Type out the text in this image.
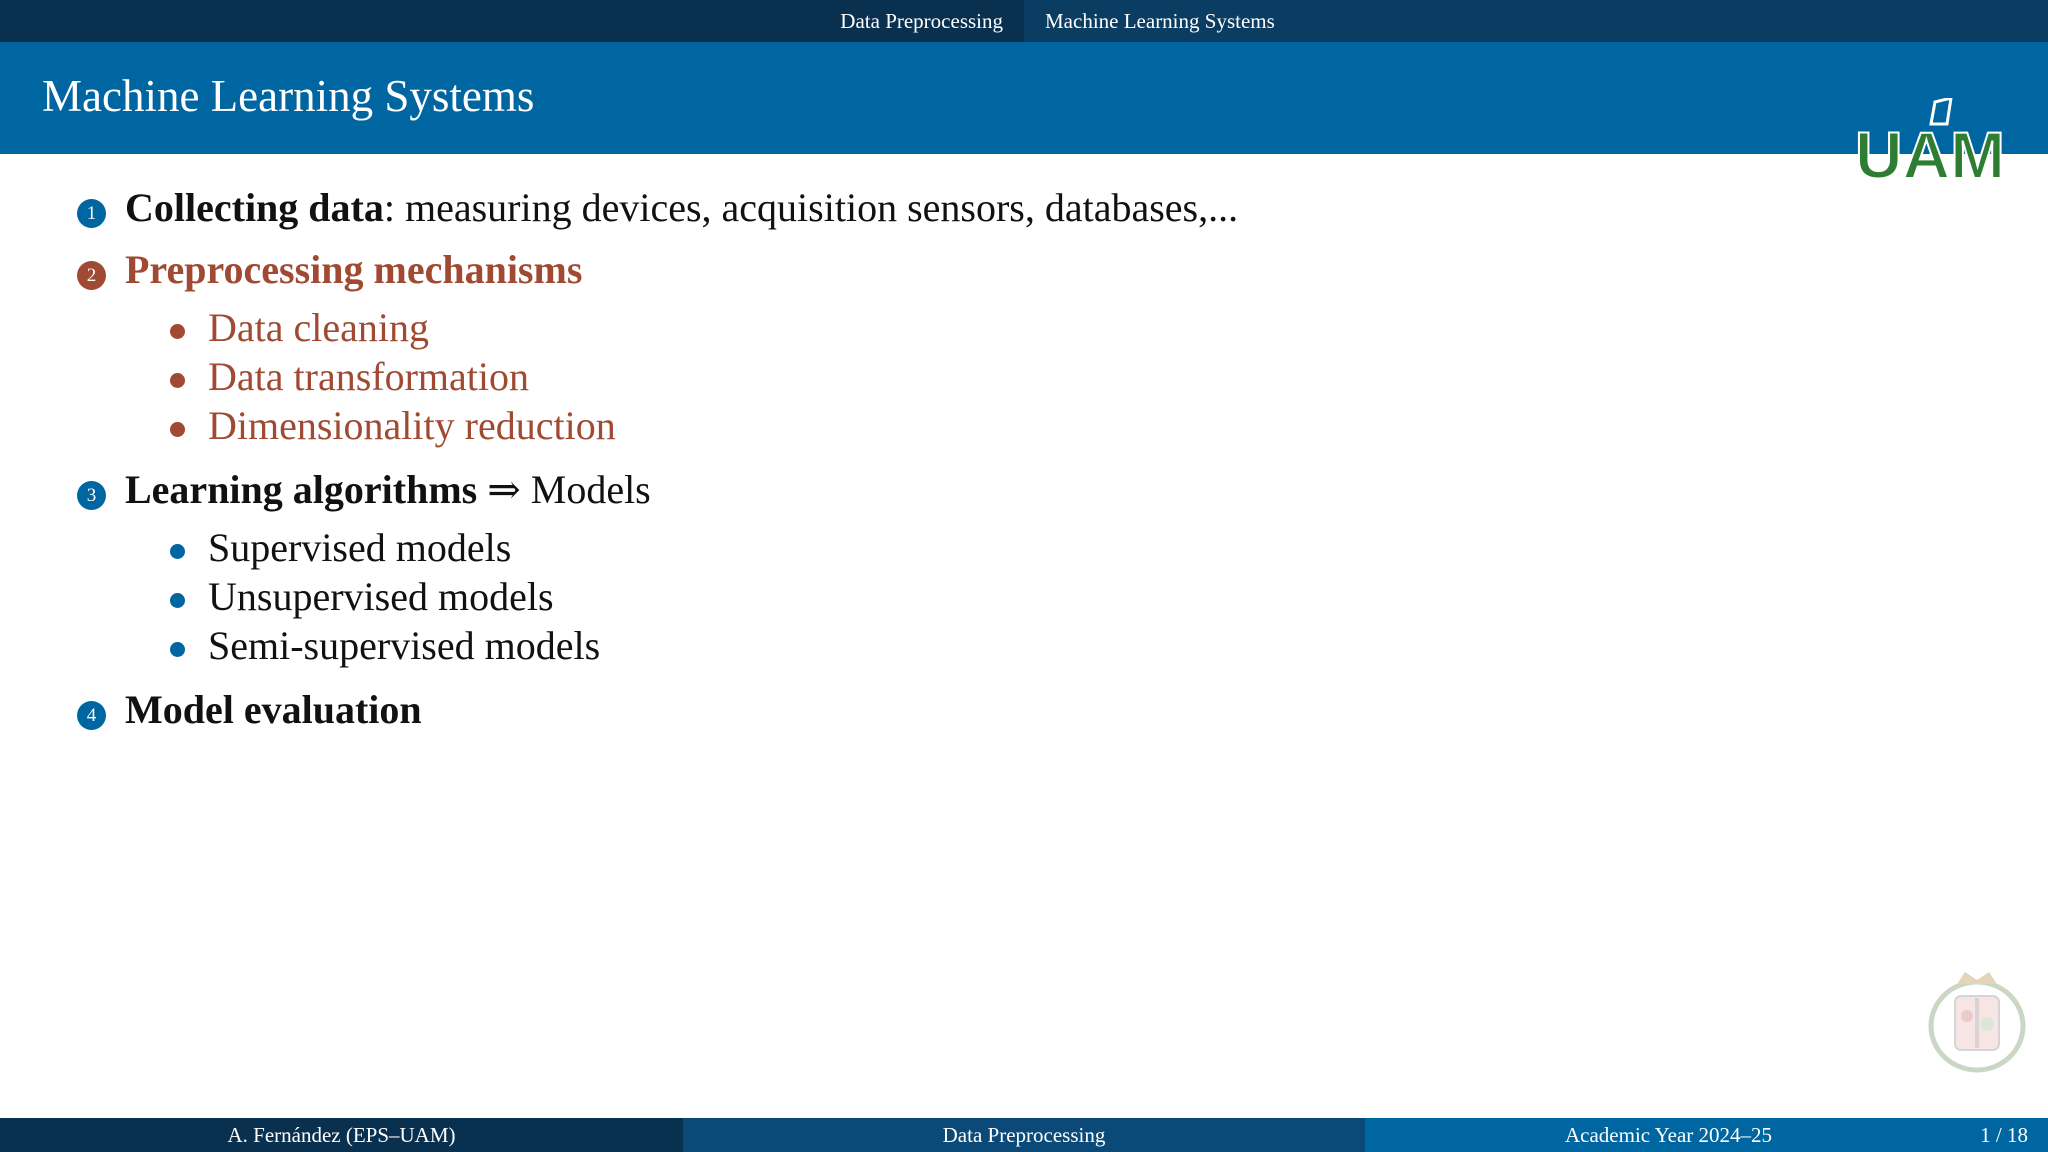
Data Preprocessing	Machine Learning Systems
Machine Learning Systems
UAM
1 Collecting data: measuring devices, acquisition sensors, databases,...
2 Preprocessing mechanisms
Data cleaning
Data transformation
Dimensionality reduction
3 Learning algorithms ⇒ Models
Supervised models
Unsupervised models
Semi-supervised models
4 Model evaluation
A. Fernández (EPS–UAM)	Data Preprocessing	Academic Year 2024–25	1 / 18
